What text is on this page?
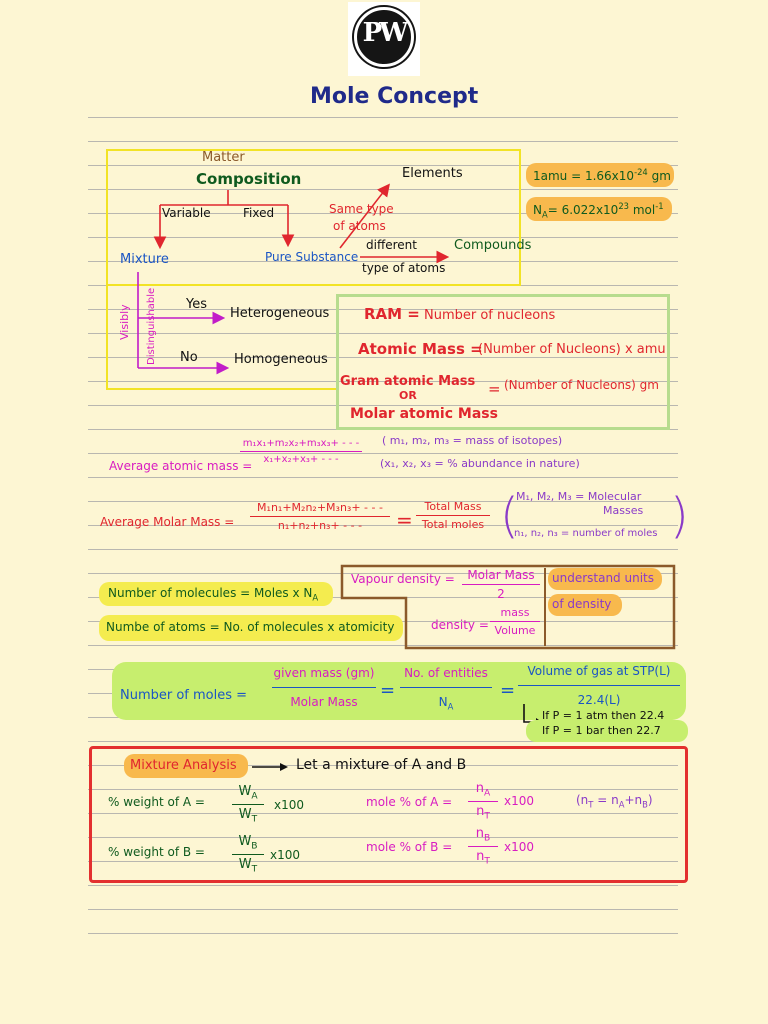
PW
Mole Concept
Matter
Composition
Variable	Fixed
Mixture	Pure Substance
Elements
Compounds
Same type
of atoms
different
type of atoms
Visibly Distinguishable Yes
No
Heterogeneous
Homogeneous
$1amu = 1.66x10^{-24}$ gm
$N_A= 6.022x10^{23}$ mol$^{-1}$
RAM = Number of nucleons
Atomic Mass =
(Number of Nucleons) x amu
Gram atomic Mass
OR
Molar atomic Mass
= (Number of Nucleons) gm
Average atomic mass =
m₁x₁+m₂x₂+m₃x₃+ - - -
x₁+x₂+x₃+ - - -
( m₁, m₂, m₃ = mass of isotopes)
(x₁, x₂, x₃ = % abundance in nature)
Average Molar Mass =
M₁n₁+M₂n₂+M₃n₃+ - - -
n₁+n₂+n₃+ - - -	=
Total Mass
Total moles (
M₁, M₂, M₃ = Molecular
Masses
n₁, n₂, n₃ = number of moles )
Number of molecules = Moles x $N_A$
Numbe of atoms = No. of molecules x atomicity
Vapour density =	Molar Mass
2
density =
mass
Volume
understand units
of density
Number of moles =
given mass (gm)
Molar Mass
=
No. of entities
$N_A$
=
Volume of gas at STP(L)
22.4(L)
If P = 1 atm then 22.4
If P = 1 bar then 22.7
Mixture Analysis	Let a mixture of A and B
% weight of A =
$W_A$
$W_T$
x100
% weight of B =
$W_B$
$W_T$
x100
mole % of A =
$n_A$
$n_T$
x100
mole % of B =
$n_B$
$n_T$
x100
$(n_T = n_A+n_B)$
